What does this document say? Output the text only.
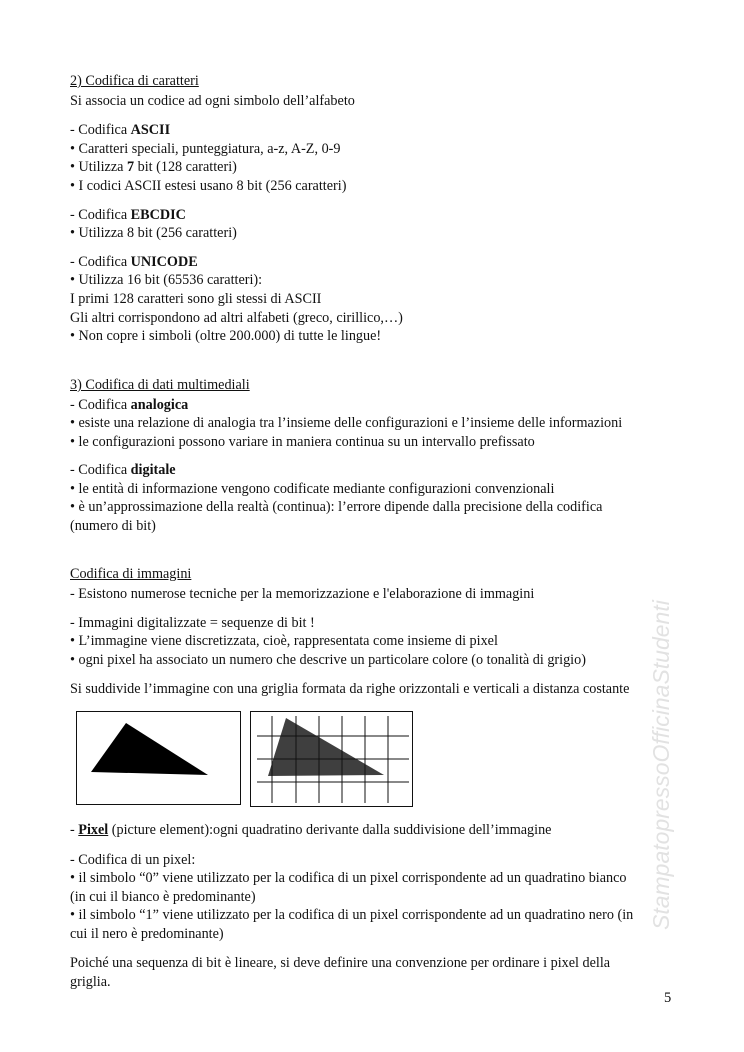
2) Codifica di caratteri
Si associa un codice ad ogni simbolo dell’alfabeto
- Codifica ASCII
• Caratteri speciali, punteggiatura, a-z, A-Z, 0-9
• Utilizza 7 bit (128 caratteri)
• I codici ASCII estesi usano 8 bit (256 caratteri)
- Codifica EBCDIC
• Utilizza 8 bit (256 caratteri)
- Codifica UNICODE
• Utilizza 16 bit (65536 caratteri):
I primi 128 caratteri sono gli stessi di ASCII
Gli altri corrispondono ad altri alfabeti (greco, cirillico,…)
• Non copre i simboli (oltre 200.000) di tutte le lingue!
3) Codifica di dati multimediali
- Codifica analogica
• esiste una relazione di analogia tra l’insieme delle configurazioni e l’insieme delle informazioni
• le configurazioni possono variare in maniera continua su un intervallo prefissato
- Codifica digitale
• le entità di informazione vengono codificate mediante configurazioni convenzionali
• è un’approssimazione della realtà (continua): l’errore dipende dalla precisione della codifica
(numero di bit)
Codifica di immagini
- Esistono numerose tecniche per la memorizzazione e l'elaborazione di immagini
- Immagini digitalizzate = sequenze di bit !
• L’immagine viene discretizzata, cioè, rappresentata come insieme di pixel
• ogni pixel ha associato un numero che descrive un particolare colore (o tonalità di grigio)
Si suddivide l’immagine con una griglia formata da righe orizzontali e verticali a distanza costante
- Pixel (picture element):ogni quadratino derivante dalla suddivisione dell’immagine
- Codifica di un pixel:
• il simbolo “0” viene utilizzato per la codifica di un pixel corrispondente ad un quadratino bianco
(in cui il bianco è predominante)
• il simbolo “1” viene utilizzato per la codifica di un pixel corrispondente ad un quadratino nero (in
cui il nero è predominante)
Poiché una sequenza di bit è lineare, si deve definire una convenzione per ordinare i pixel della
griglia.
StampatopressoOfficinaStudenti
5
